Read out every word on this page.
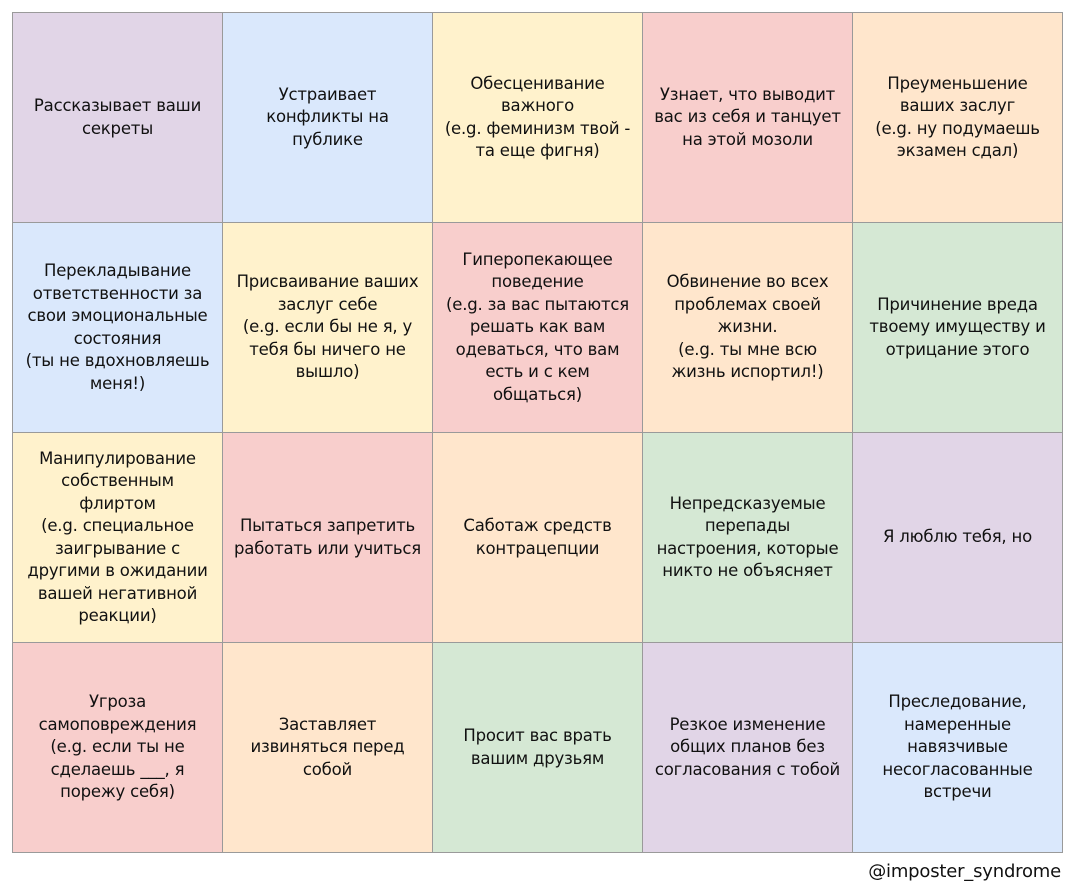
Рассказывает ваши
секреты
Устраивает
конфликты на
публике
Обесценивание
важного
(e.g. феминизм твой -
та еще фигня)
Узнает, что выводит
вас из себя и танцует
на этой мозоли
Преуменьшение
ваших заслуг
(e.g. ну подумаешь
экзамен сдал)
Перекладывание
ответственности за
свои эмоциональные
состояния
(ты не вдохновляешь
меня!)
Присваивание ваших
заслуг себе
(e.g. если бы не я, у
тебя бы ничего не
вышло)
Гиперопекающее
поведение
(e.g. за вас пытаются
решать как вам
одеваться, что вам
есть и с кем
общаться)
Обвинение во всех
проблемах своей
жизни.
(e.g. ты мне всю
жизнь испортил!)
Причинение вреда
твоему имуществу и
отрицание этого
Манипулирование
собственным
флиртом
(e.g. специальное
заигрывание с
другими в ожидании
вашей негативной
реакции)
Пытаться запретить
работать или учиться
Саботаж средств
контрацепции
Непредсказуемые
перепады
настроения, которые
никто не объясняет
Я люблю тебя, но
Угроза
самоповреждения
(e.g. если ты не
сделаешь ___, я
порежу себя)
Заставляет
извиняться перед
собой
Просит вас врать
вашим друзьям
Резкое изменение
общих планов без
согласования с тобой
Преследование,
намеренные
навязчивые
несогласованные
встречи
@imposter_syndrome
